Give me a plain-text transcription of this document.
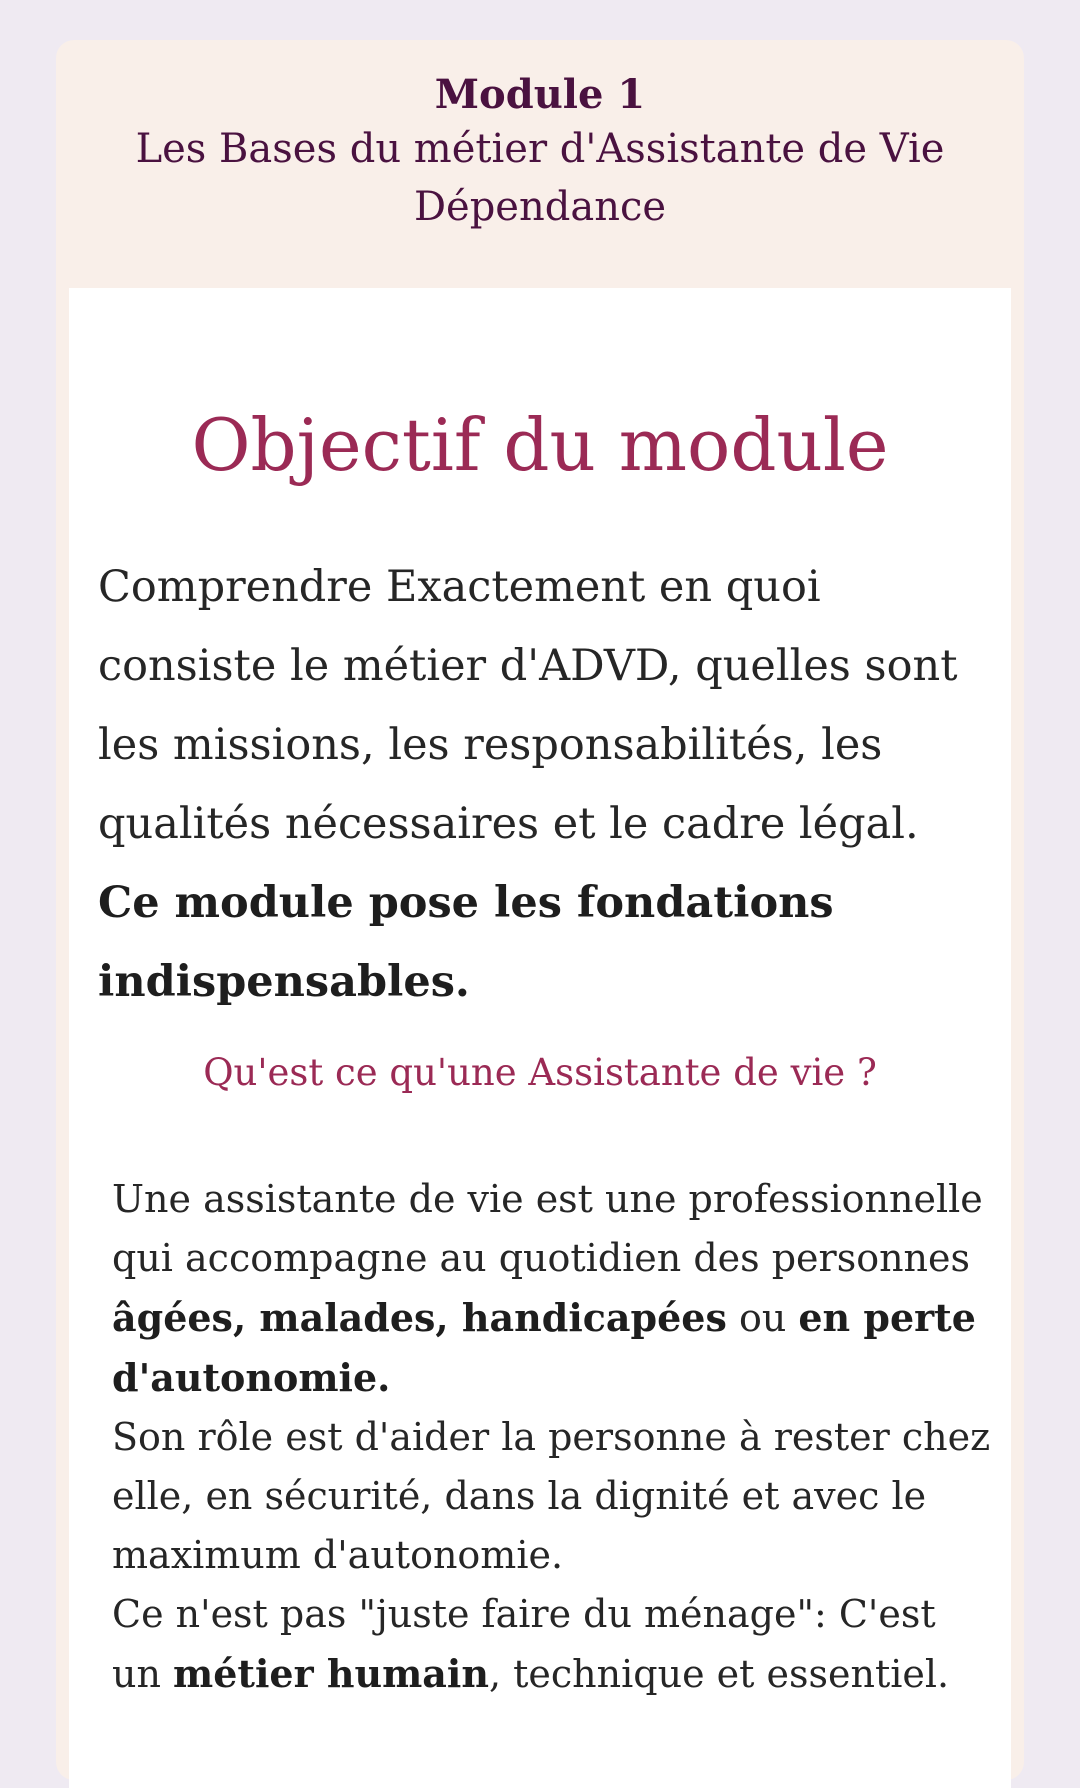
Module 1
Les Bases du métier d'Assistante de Vie Dépendance
Objectif du module

Comprendre Exactement en quoi consiste le métier d'ADVD, quelles sont les missions, les responsabilités, les qualités nécessaires et le cadre légal.
Ce module pose les fondations indispensables.

Qu'est ce qu'une Assistante de vie ?

Une assistante de vie est une professionnelle qui accompagne au quotidien des personnes âgées, malades, handicapées ou en perte d'autonomie.
Son rôle est d'aider la personne à rester chez elle, en sécurité, dans la dignité et avec le maximum d'autonomie.
Ce n'est pas "juste faire du ménage": C'est un métier humain, technique et essentiel.
